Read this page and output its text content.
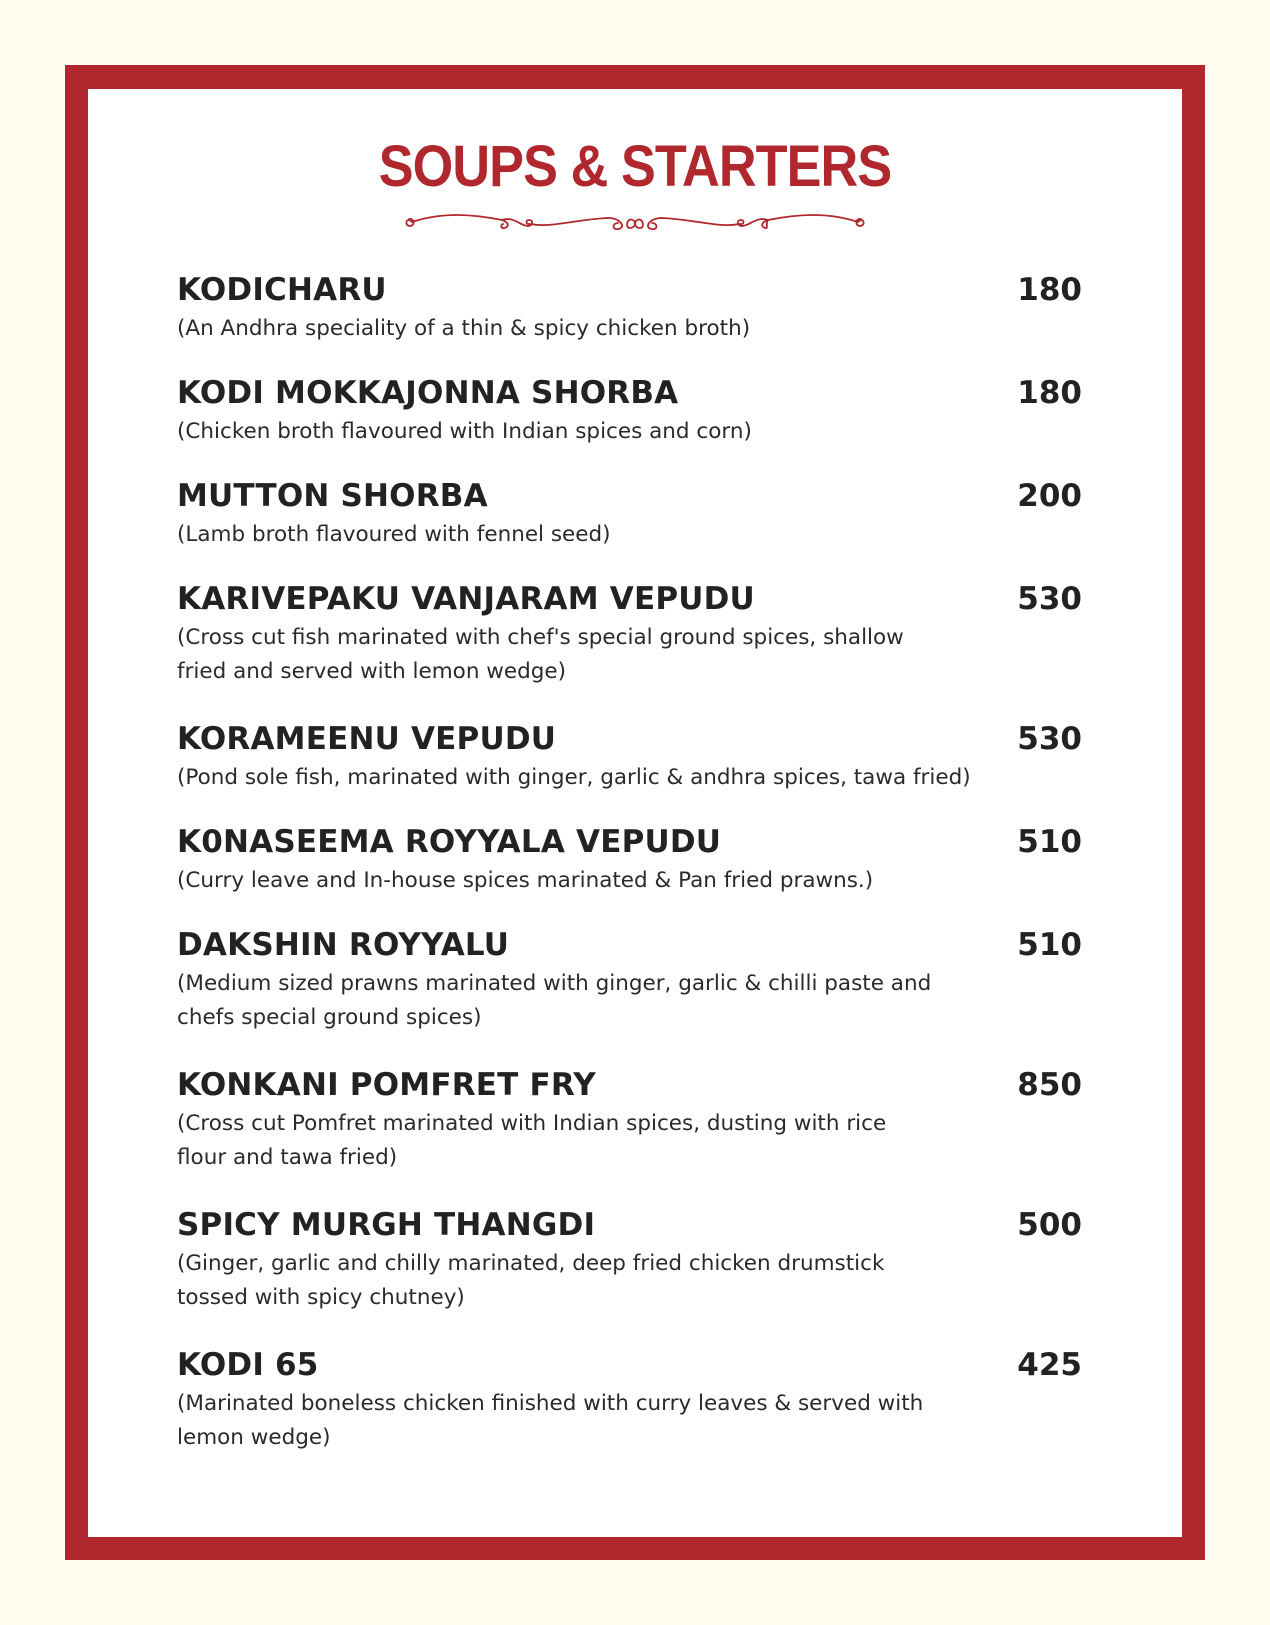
SOUPS & STARTERS
KODICHARU	180
(An Andhra speciality of a thin & spicy chicken broth)
KODI MOKKAJONNA SHORBA	180
(Chicken broth flavoured with Indian spices and corn)
MUTTON SHORBA	200
(Lamb broth flavoured with fennel seed)
KARIVEPAKU VANJARAM VEPUDU	530
(Cross cut fish marinated with chef's special ground spices, shallow fried and served with lemon wedge)
KORAMEENU VEPUDU	530
(Pond sole fish, marinated with ginger, garlic & andhra spices, tawa fried)
K0NASEEMA ROYYALA VEPUDU	510
(Curry leave and In-house spices marinated & Pan fried prawns.)
DAKSHIN ROYYALU	510
(Medium sized prawns marinated with ginger, garlic & chilli paste and chefs special ground spices)
KONKANI POMFRET FRY	850
(Cross cut Pomfret marinated with Indian spices, dusting with rice flour and tawa fried)
SPICY MURGH THANGDI	500
(Ginger, garlic and chilly marinated, deep fried chicken drumstick tossed with spicy chutney)
KODI 65	425
(Marinated boneless chicken finished with curry leaves & served with lemon wedge)
